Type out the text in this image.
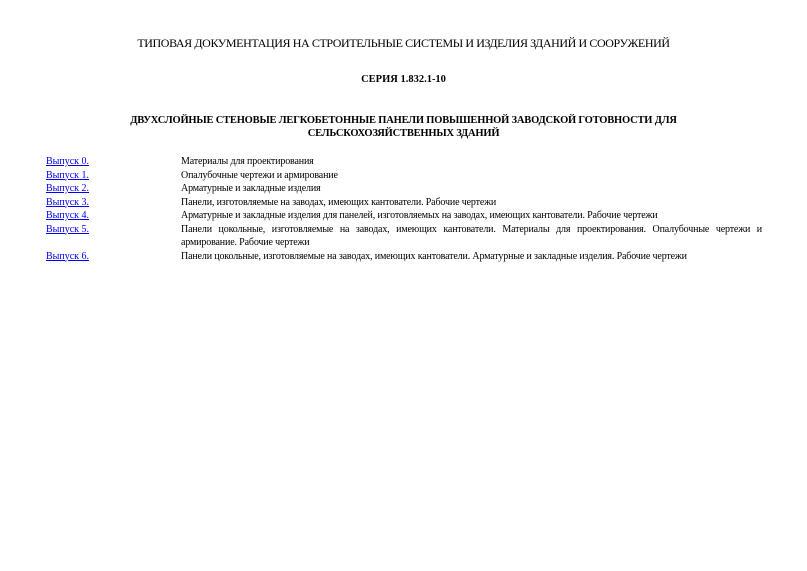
ТИПОВАЯ ДОКУМЕНТАЦИЯ НА СТРОИТЕЛЬНЫЕ СИСТЕМЫ И ИЗДЕЛИЯ ЗДАНИЙ И СООРУЖЕНИЙ
СЕРИЯ 1.832.1-10
ДВУХСЛОЙНЫЕ СТЕНОВЫЕ ЛЕГКОБЕТОННЫЕ ПАНЕЛИ ПОВЫШЕННОЙ ЗАВОДСКОЙ ГОТОВНОСТИ ДЛЯ СЕЛЬСКОХОЗЯЙСТВЕННЫХ ЗДАНИЙ
Выпуск 0.	Материалы для проектирования
Выпуск 1.	Опалубочные чертежи и армирование
Выпуск 2.	Арматурные и закладные изделия
Выпуск 3.	Панели, изготовляемые на заводах, имеющих кантователи. Рабочие чертежи
Выпуск 4.	Арматурные и закладные изделия для панелей, изготовляемых на заводах, имеющих кантователи. Рабочие чертежи
Выпуск 5.	Панели цокольные, изготовляемые на заводах, имеющих кантователи. Материалы для проектирования. Опалубочные чертежи и армирование. Рабочие чертежи
Выпуск 6.	Панели цокольные, изготовляемые на заводах, имеющих кантователи. Арматурные и закладные изделия. Рабочие чертежи
